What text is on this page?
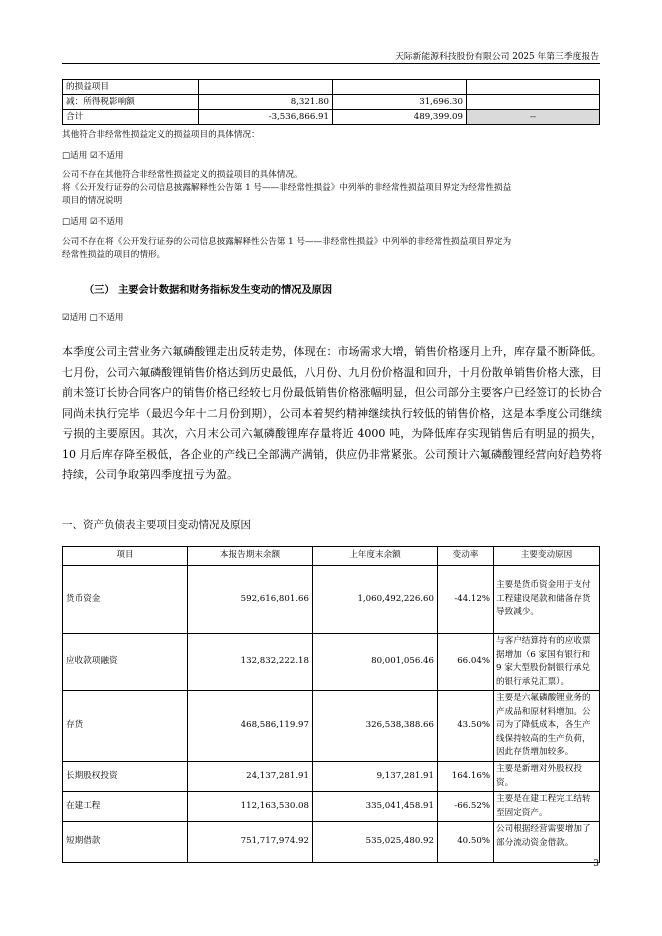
天际新能源科技股份有限公司 2025 年第三季度报告
的损益项目			
减：所得税影响额	8,321.80	31,696.30	
合计	-3,536,866.91	489,399.09	--
其他符合非经常性损益定义的损益项目的具体情况：
□适用 ☑不适用
公司不存在其他符合非经常性损益定义的损益项目的具体情况。
将《公开发行证券的公司信息披露解释性公告第 1 号——非经常性损益》中列举的非经常性损益项目界定为经常性损益
项目的情况说明
□适用 ☑不适用
公司不存在将《公开发行证券的公司信息披露解释性公告第 1 号——非经常性损益》中列举的非经常性损益项目界定为
经常性损益的项目的情形。
（三） 主要会计数据和财务指标发生变动的情况及原因
☑适用 □不适用
本季度公司主营业务六氟磷酸锂走出反转走势，体现在：市场需求大增，销售价格逐月上升，库存量不断降低。七月份，公司六氟磷酸锂销售价格达到历史最低，八月份、九月份价格温和回升，十月份散单销售价格大涨，目前未签订长协合同客户的销售价格已经较七月份最低销售价格涨幅明显，但公司部分主要客户已经签订的长协合同尚未执行完毕（最迟今年十二月份到期），公司本着契约精神继续执行较低的销售价格，这是本季度公司继续亏损的主要原因。其次，六月末公司六氟磷酸锂库存量将近 4000 吨，为降低库存实现销售后有明显的损失，10 月后库存降至极低，各企业的产线已全部满产满销，供应仍非常紧张。公司预计六氟磷酸锂经营向好趋势将持续，公司争取第四季度扭亏为盈。
一、资产负债表主要项目变动情况及原因
项目	本报告期末余额	上年度末余额	变动率	主要变动原因
货币资金	592,616,801.66	1,060,492,226.60	-44.12%	主要是货币资金用于支付工程建设尾款和储备存货导致减少。
应收款项融资	132,832,222.18	80,001,056.46	66.04%	与客户结算持有的应收票据增加（6 家国有银行和 9 家大型股份制银行承兑的银行承兑汇票）。
存货	468,586,119.97	326,538,388.66	43.50%	主要是六氟磷酸锂业务的产成品和原材料增加。公司为了降低成本，各生产线保持较高的生产负荷，因此存货增加较多。
长期股权投资	24,137,281.91	9,137,281.91	164.16%	主要是新增对外股权投资。
在建工程	112,163,530.08	335,041,458.91	-66.52%	主要是在建工程完工结转至固定资产。
短期借款	751,717,974.92	535,025,480.92	40.50%	公司根据经营需要增加了部分流动资金借款。
3
